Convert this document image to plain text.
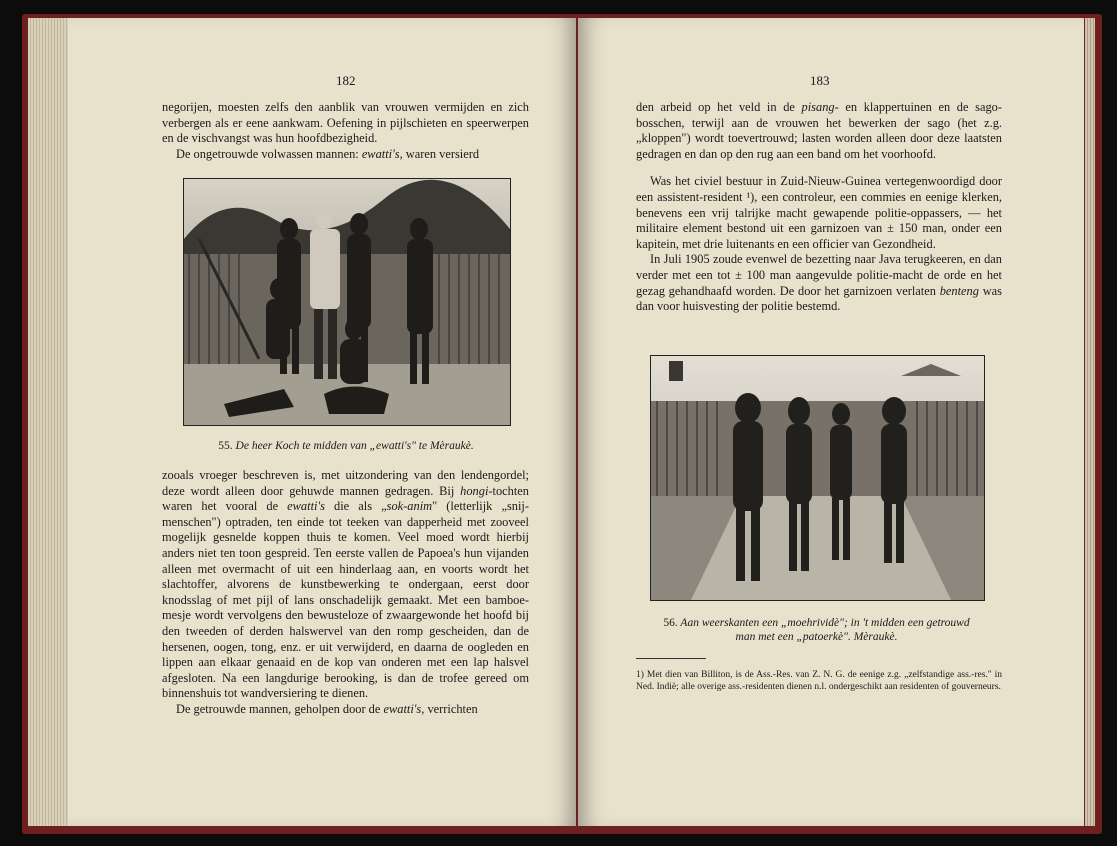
182

negorijen, moesten zelfs den aanblik van vrouwen vermijden en zich verbergen als er eene aankwam. Oefening in pijlschieten en speerwerpen en de vischvangst was hun hoofdbezigheid.

De ongetrouwde volwassen mannen: ewatti's, waren versierd

55. De heer Koch te midden van „ewatti's" te Mèraukè.

zooals vroeger beschreven is, met uitzondering van den lendengordel; deze wordt alleen door gehuwde mannen gedragen. Bij hongi-tochten waren het vooral de ewatti's die als „sok-anim" (letterlijk „snij-menschen") optraden, ten einde tot teeken van dapperheid met zooveel mogelijk gesnelde koppen thuis te komen. Veel moed wordt hierbij anders niet ten toon gespreid. Ten eerste vallen de Papoea's hun vijanden alleen met overmacht of uit een hinderlaag aan, en voorts wordt het slachtoffer, alvorens de kunstbewerking te ondergaan, eerst door knodsslag of met pijl of lans onschadelijk gemaakt. Met een bamboe-mesje wordt vervolgens den bewusteloze of zwaargewonde het hoofd bij den tweeden of derden halswervel van den romp gescheiden, dan de hersenen, oogen, tong, enz. er uit verwijderd, en daarna de oogleden en lippen aan elkaar genaaid en de kop van onderen met een lap halsvel afgesloten. Na een langdurige berooking, is dan de trofee gereed om binnenshuis tot wandversiering te dienen.

De getrouwde mannen, geholpen door de ewatti's, verrichten

183

den arbeid op het veld in de pisang- en klappertuinen en de sago-bosschen, terwijl aan de vrouwen het bewerken der sago (het z.g. „kloppen") wordt toevertrouwd; lasten worden alleen door deze laatsten gedragen en dan op den rug aan een band om het voorhoofd.

Was het civiel bestuur in Zuid-Nieuw-Guinea vertegenwoordigd door een assistent-resident ¹), een controleur, een commies en eenige klerken, benevens een vrij talrijke macht gewapende politie-oppassers, — het militaire element bestond uit een garnizoen van ± 150 man, onder een kapitein, met drie luitenants en een officier van Gezondheid.

In Juli 1905 zoude evenwel de bezetting naar Java terugkeeren, en dan verder met een tot ± 100 man aangevulde politie-macht de orde en het gezag gehandhaafd worden. De door het garnizoen verlaten benteng was dan voor huisvesting der politie bestemd.

56. Aan weerskanten een „moehrividè"; in 't midden een getrouwd
man met een „patoerkè". Mèraukè.
1) Met dien van Billiton, is de Ass.-Res. van Z. N. G. de eenige z.g. „zelfstandige ass.-res." in Ned. Indië; alle overige ass.-residenten dienen n.l. ondergeschikt aan residenten of gouverneurs.
